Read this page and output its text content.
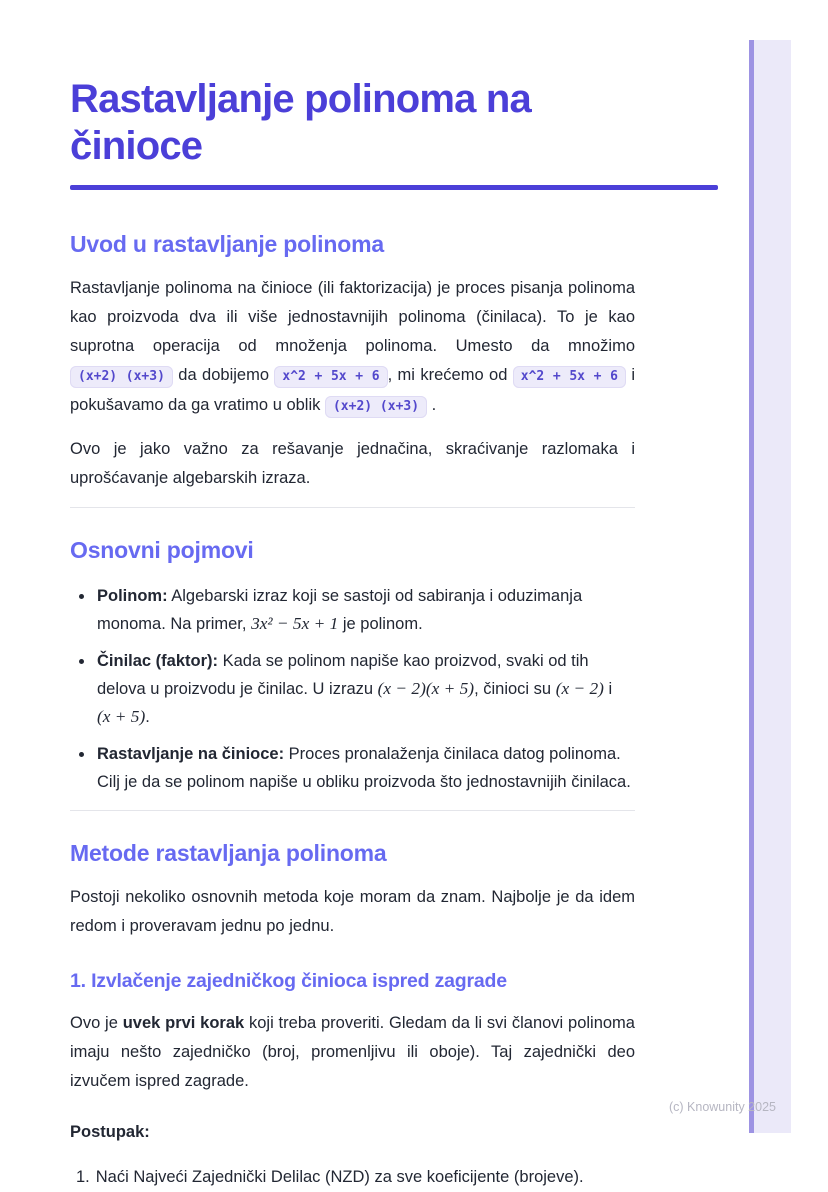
Rastavljanje polinoma na činioce
Uvod u rastavljanje polinoma

Rastavljanje polinoma na činioce (ili faktorizacija) je proces pisanja polinoma kao proizvoda dva ili više jednostavnijih polinoma (činilaca). To je kao suprotna operacija od množenja polinoma. Umesto da množimo (x+2) (x+3) da dobijemo x^2 + 5x + 6 , mi krećemo od x^2 + 5x + 6 i pokušavamo da ga vratimo u oblik (x+2) (x+3) .

Ovo je jako važno za rešavanje jednačina, skraćivanje razlomaka i uprošćavanje algebarskih izraza.

Osnovni pojmovi
• Polinom: Algebarski izraz koji se sastoji od sabiranja i oduzimanja monoma. Na primer, 3x² − 5x + 1 je polinom.
• Činilac (faktor): Kada se polinom napiše kao proizvod, svaki od tih delova u proizvodu je činilac. U izrazu (x − 2)(x + 5), činioci su (x − 2) i (x + 5).
• Rastavljanje na činioce: Proces pronalaženja činilaca datog polinoma. Cilj je da se polinom napiše u obliku proizvoda što jednostavnijih činilaca.
Metode rastavljanja polinoma

Postoji nekoliko osnovnih metoda koje moram da znam. Najbolje je da idem redom i proveravam jednu po jednu.

1. Izvlačenje zajedničkog činioca ispred zagrade

Ovo je uvek prvi korak koji treba proveriti. Gledam da li svi članovi polinoma imaju nešto zajedničko (broj, promenljivu ili oboje). Taj zajednički deo izvučem ispred zagrade.

Postupak:

1. Naći Najveći Zajednički Delilac (NZD) za sve koeficijente (brojeve).
(c) Knowunity 2025
